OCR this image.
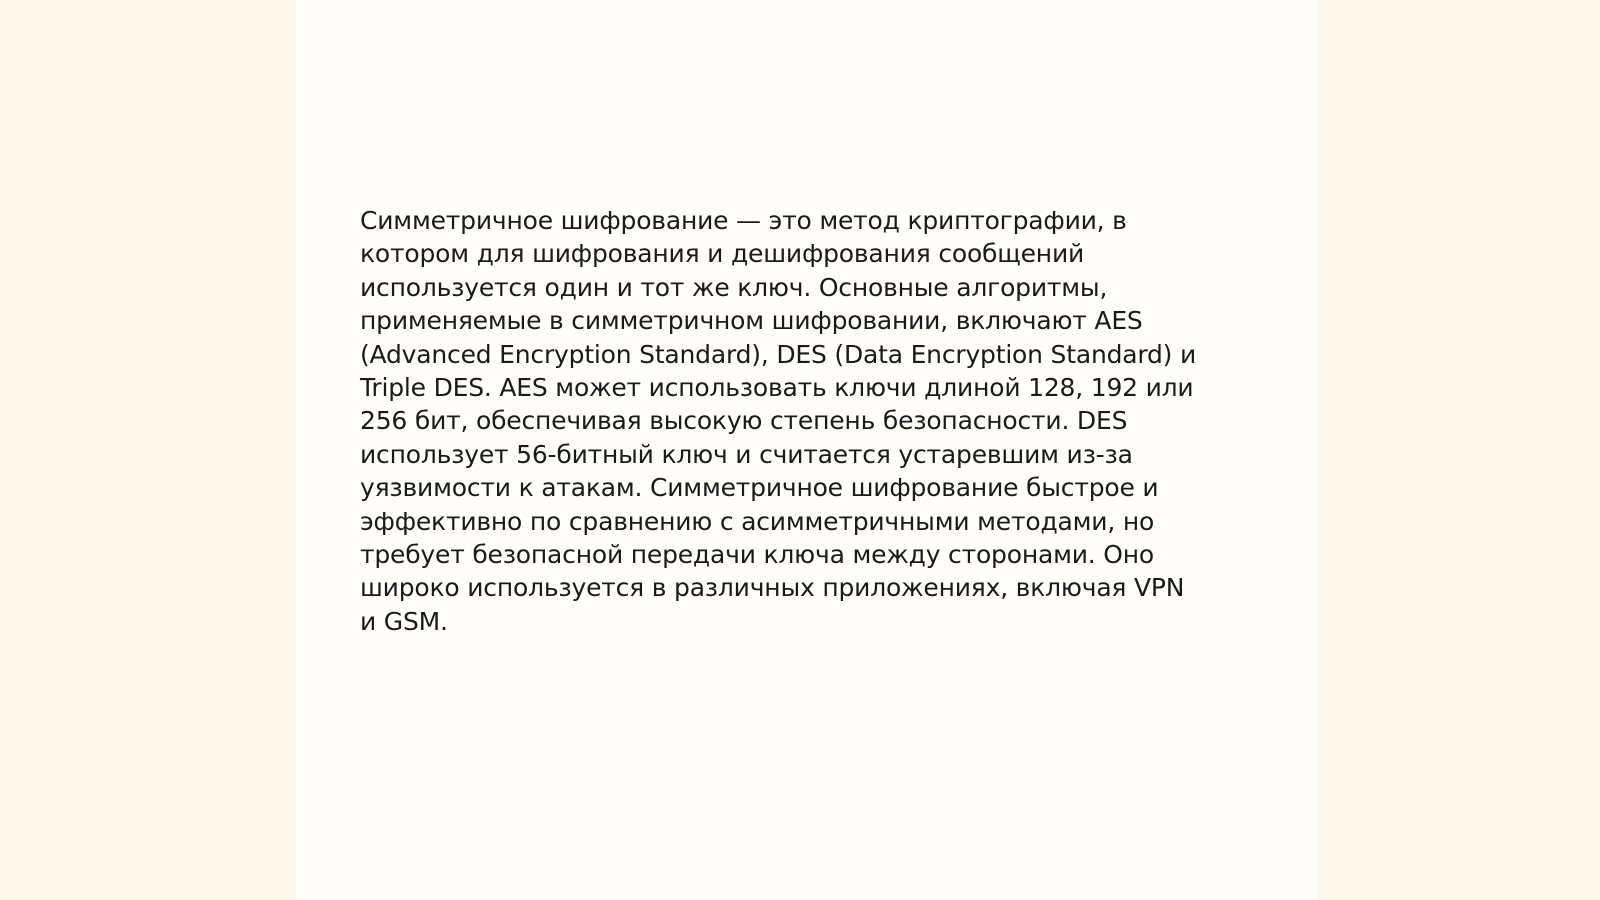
Симметричное шифрование — это метод криптографии, в
котором для шифрования и дешифрования сообщений
используется один и тот же ключ. Основные алгоритмы,
применяемые в симметричном шифровании, включают AES
(Advanced Encryption Standard), DES (Data Encryption Standard) и
Triple DES. AES может использовать ключи длиной 128, 192 или
256 бит, обеспечивая высокую степень безопасности. DES
использует 56-битный ключ и считается устаревшим из-за
уязвимости к атакам. Симметричное шифрование быстрое и
эффективно по сравнению с асимметричными методами, но
требует безопасной передачи ключа между сторонами. Оно
широко используется в различных приложениях, включая VPN
и GSM.
